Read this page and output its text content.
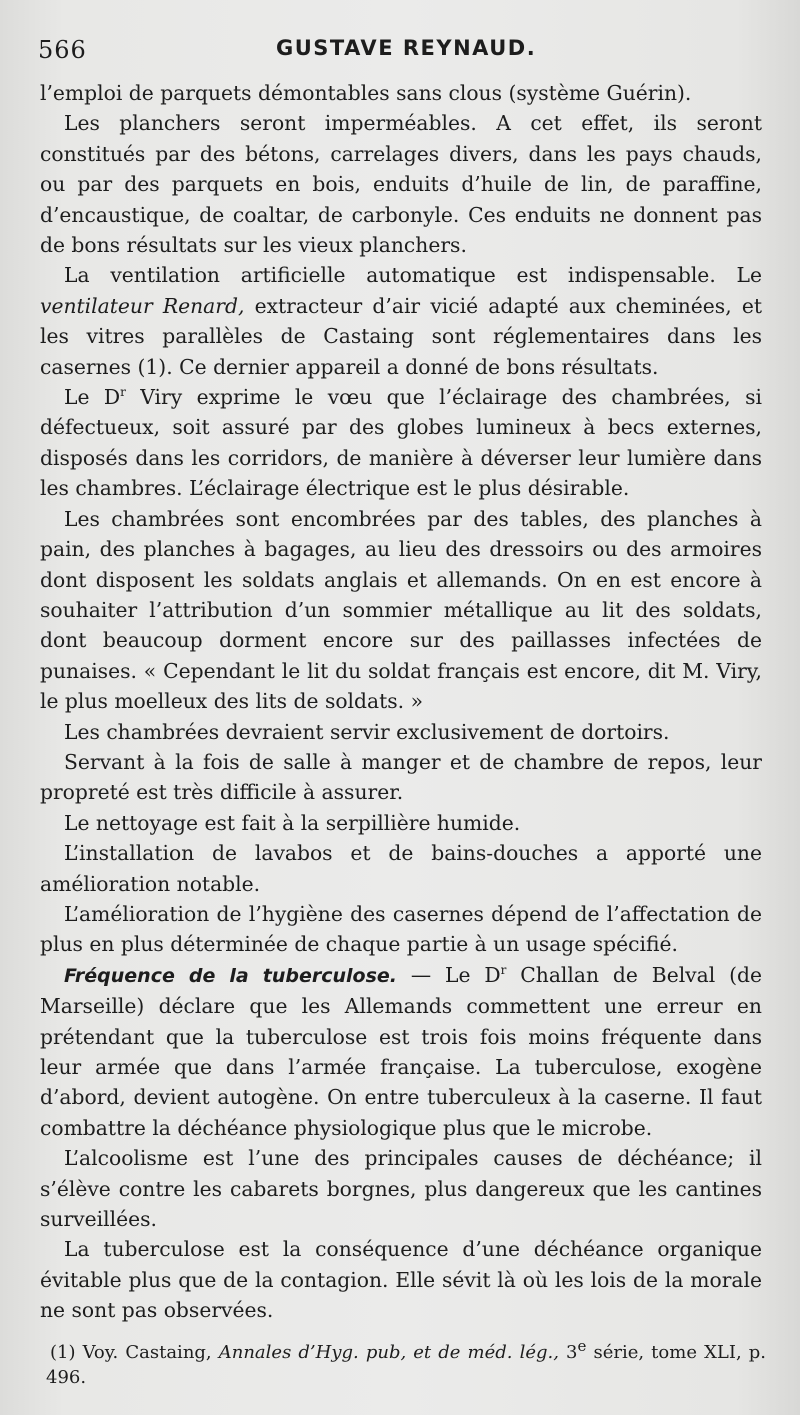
566	GUSTAVE REYNAUD.

l’emploi de parquets démontables sans clous (système Guérin).

Les planchers seront imperméables. A cet effet, ils seront constitués par des bétons, carrelages divers, dans les pays chauds, ou par des parquets en bois, enduits d’huile de lin, de paraffine, d’encaustique, de coaltar, de carbonyle. Ces enduits ne donnent pas de bons résultats sur les vieux planchers.

La ventilation artificielle automatique est indispensable. Le ventilateur Renard, extracteur d’air vicié adapté aux cheminées, et les vitres parallèles de Castaing sont réglementaires dans les casernes (1). Ce dernier appareil a donné de bons résultats.

Le $D^r$ Viry exprime le vœu que l’éclairage des chambrées, si défectueux, soit assuré par des globes lumineux à becs externes, disposés dans les corridors, de manière à déverser leur lumière dans les chambres. L’éclairage électrique est le plus désirable.

Les chambrées sont encombrées par des tables, des planches à pain, des planches à bagages, au lieu des dressoirs ou des armoires dont disposent les soldats anglais et allemands. On en est encore à souhaiter l’attribution d’un sommier métallique au lit des soldats, dont beaucoup dorment encore sur des paillasses infectées de punaises. « Cependant le lit du soldat français est encore, dit M. Viry, le plus moelleux des lits de soldats. »

Les chambrées devraient servir exclusivement de dortoirs.

Servant à la fois de salle à manger et de chambre de repos, leur propreté est très difficile à assurer.

Le nettoyage est fait à la serpillière humide.

L’installation de lavabos et de bains-douches a apporté une amélioration notable.

L’amélioration de l’hygiène des casernes dépend de l’affectation de plus en plus déterminée de chaque partie à un usage spécifié.

Fréquence de la tuberculose. — Le $D^r$ Challan de Belval (de Marseille) déclare que les Allemands commettent une erreur en prétendant que la tuberculose est trois fois moins fréquente dans leur armée que dans l’armée française. La tuberculose, exogène d’abord, devient autogène. On entre tuberculeux à la caserne. Il faut combattre la déchéance physiologique plus que le microbe.

L’alcoolisme est l’une des principales causes de déchéance; il s’élève contre les cabarets borgnes, plus dangereux que les cantines surveillées.

La tuberculose est la conséquence d’une déchéance organique évitable plus que de la contagion. Elle sévit là où les lois de la morale ne sont pas observées.

(1) Voy. Castaing, Annales d’Hyg. pub, et de méd. lég., 3e série, tome XLI, p. 496.
